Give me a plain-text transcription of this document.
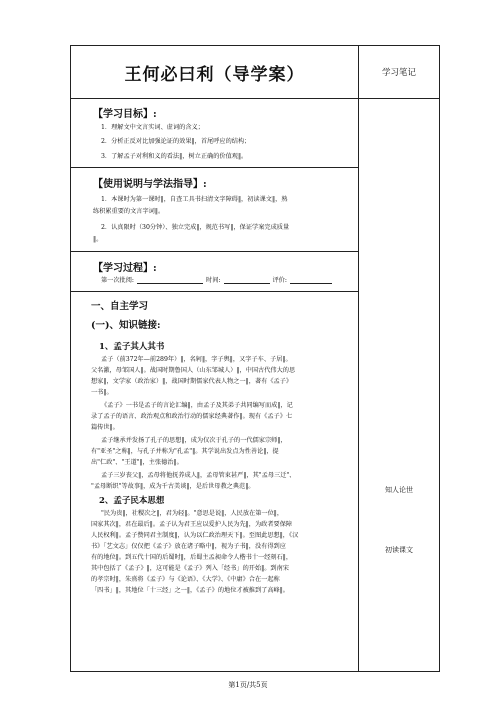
王何必曰利（导学案）	学习笔记
【学习目标】:
1．理解文中文言实词、虚词的含义；
2．分析正反对比加强论证的效果‖，首尾呼应的结构；
3．了解孟子对利和义的看法‖，树立正确的价值观‖。
【使用说明与学法指导】:
1．本课时为第一课时‖，自查工具书扫清文字障碍‖，初读课文‖，熟
练积累重要的文言字词‖。
2．认真限时（30分钟）、独立完成‖，规范书写‖，保证学案完成质量
‖。
【学习过程】:
第一次批阅:	时间:	评价:
一、自主学习
(一)、知识链接:
1、孟子其人其书
孟子（前372年—前289年）‖，名轲‖，字子舆‖，又字子车、子居‖。
父名激，母邹国人‖。战国时期鲁国人（山东邹城人）‖，中国古代伟大的思
想家‖，文学家（政治家）‖，战国时期儒家代表人物之一‖，著有《孟子》
一书‖。
《孟子》一书是孟子的言论汇编‖，由孟子及其弟子共同编写而成‖，记
录了孟子的语言、政治观点和政治行动的儒家经典著作‖。现有《孟子》七
篇传世‖。
孟子继承并发扬了孔子的思想‖，成为仅次于孔子的一代儒家宗师‖，
有"亚圣"之称‖，与孔子并称为"孔孟"‖。其学说出发点为性善论‖，提
出"仁政"、"王道"‖，主张德治‖。
孟子三岁丧父‖，孟母将他抚养成人‖，孟母管束甚严‖，其"孟母三迁"、
"孟母断织"等故事‖，成为千古美谈‖，是后世母教之典范‖。
2、孟子民本思想
"民为贵‖，社稷次之‖，君为轻‖。"意思是说‖，人民放在第一位‖，
国家其次‖，君在最后‖。孟子认为君王应以爱护人民为先‖，为政者要保障
人民权利‖。孟子赞同君主制度‖，认为以仁政治理天下‖。至图此思想‖，《汉
书》「艺文志」仅仅把《孟子》放在诸子略中‖，视为子书‖，没有得到应
有的地位‖。到五代十国的后蜀时‖，后蜀主孟昶命令人楷书十一经刻石‖，
其中包括了《孟子》‖，这可能是《孟子》列入「经书」的开始‖。到南宋
的孝宗时‖，朱熹将《孟子》与《论语》、《大学》、《中庸》合在一起称
「四书」‖，其地位「十三经」之一‖，《孟子》的地位才被推到了高峰‖。
知人论世
初读课文
第1页/共5页
